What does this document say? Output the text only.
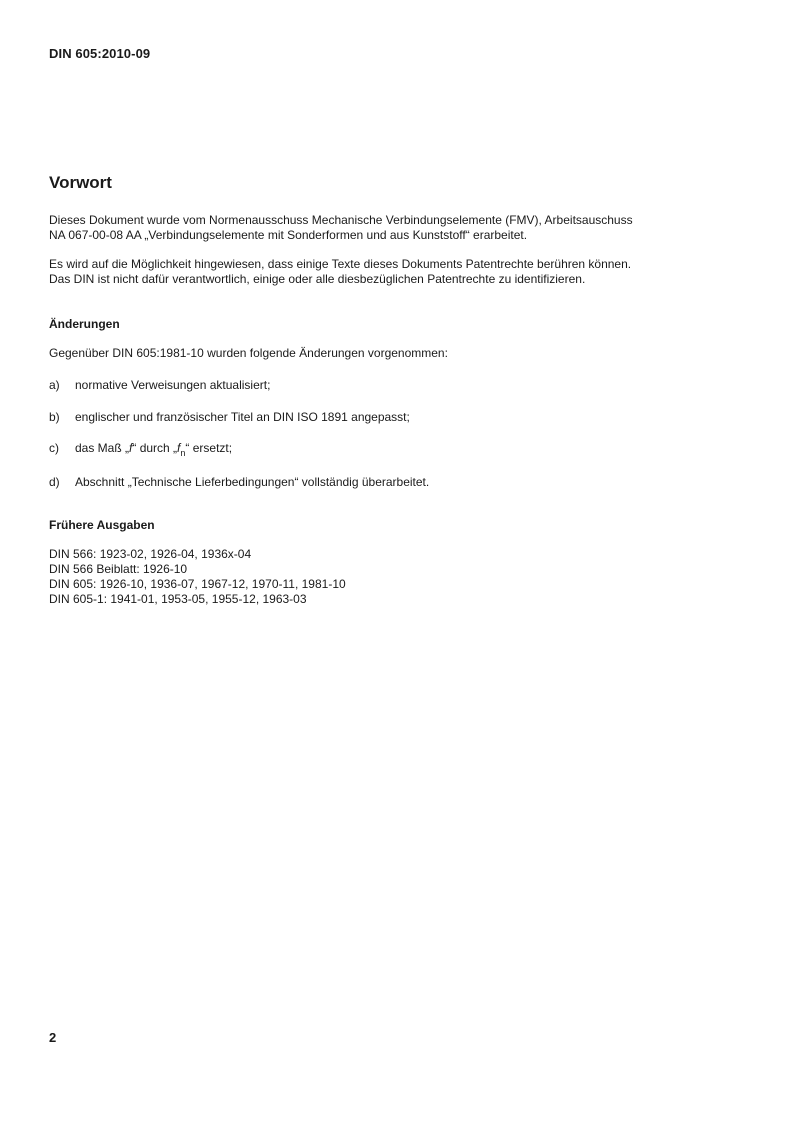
DIN 605:2010-09
Vorwort

Dieses Dokument wurde vom Normenausschuss Mechanische Verbindungselemente (FMV), Arbeitsauschuss
NA 067-00-08 AA „Verbindungselemente mit Sonderformen und aus Kunststoff“ erarbeitet.

Es wird auf die Möglichkeit hingewiesen, dass einige Texte dieses Dokuments Patentrechte berühren können.
Das DIN ist nicht dafür verantwortlich, einige oder alle diesbezüglichen Patentrechte zu identifizieren.

Änderungen
Gegenüber DIN 605:1981-10 wurden folgende Änderungen vorgenommen:
a)	normative Verweisungen aktualisiert;
b)	englischer und französischer Titel an DIN ISO 1891 angepasst;
c)	das Maß „f“ durch $„f_n“$ ersetzt;
d)	Abschnitt „Technische Lieferbedingungen“ vollständig überarbeitet.
Frühere Ausgaben
DIN 566: 1923-02, 1926-04, 1936x-04
DIN 566 Beiblatt: 1926-10
DIN 605: 1926-10, 1936-07, 1967-12, 1970-11, 1981-10
DIN 605-1: 1941-01, 1953-05, 1955-12, 1963-03
2
